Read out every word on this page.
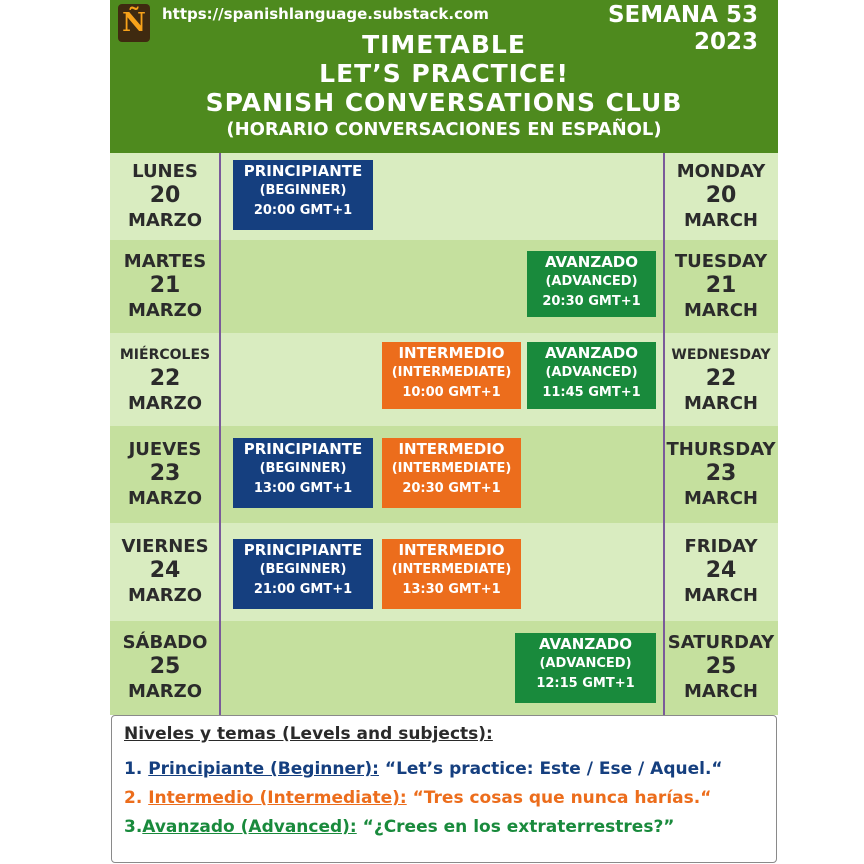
Ñ https://spanishlanguage.substack.com	SEMANA 53
2023
TIMETABLE
LET’S PRACTICE!
SPANISH CONVERSATIONS CLUB
(HORARIO CONVERSACIONES EN ESPAÑOL)
LUNES
20
MARZO
MONDAY
20
MARCH
PRINCIPIANTE
(BEGINNER)
20:00 GMT+1
MARTES
21
MARZO
TUESDAY
21
MARCH
AVANZADO
(ADVANCED)
20:30 GMT+1
MIÉRCOLES
22
MARZO
WEDNESDAY
22
MARCH
INTERMEDIO
(INTERMEDIATE)
10:00 GMT+1
AVANZADO
(ADVANCED)
11:45 GMT+1
JUEVES
23
MARZO
THURSDAY
23
MARCH
PRINCIPIANTE
(BEGINNER)
13:00 GMT+1
INTERMEDIO
(INTERMEDIATE)
20:30 GMT+1
VIERNES
24
MARZO
FRIDAY
24
MARCH
PRINCIPIANTE
(BEGINNER)
21:00 GMT+1
INTERMEDIO
(INTERMEDIATE)
13:30 GMT+1
SÁBADO
25
MARZO
SATURDAY
25
MARCH
AVANZADO
(ADVANCED)
12:15 GMT+1
Niveles y temas (Levels and subjects):
1. Principiante (Beginner): “Let’s practice: Este / Ese / Aquel.“
2. Intermedio (Intermediate): “Tres cosas que nunca harías.“
3.Avanzado (Advanced): “¿Crees en los extraterrestres?”
